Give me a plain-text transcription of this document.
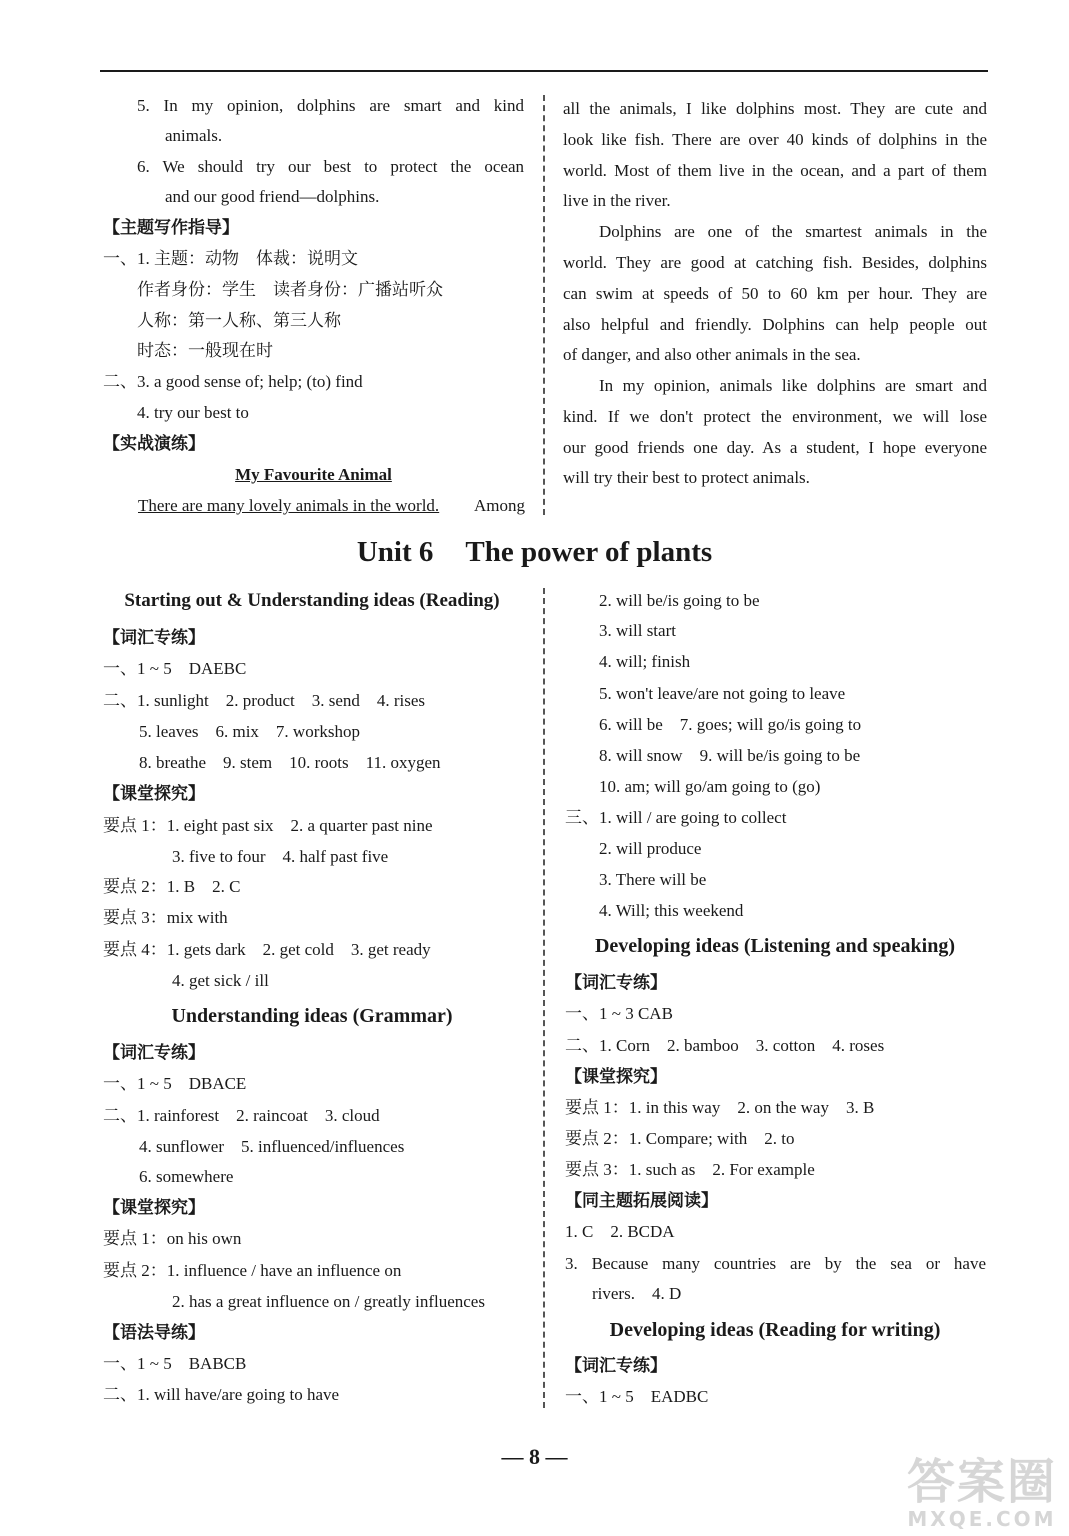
5. In my opinion, dolphins are smart and kind
animals.
6. We should try our best to protect the ocean
and our good friend—dolphins.
【主题写作指导】
一、1. 主题：动物　体裁：说明文
作者身份：学生　读者身份：广播站听众
人称：第一人称、第三人称
时态：一般现在时
二、3. a good sense of; help; (to) find
4. try our best to
【实战演练】
My Favourite Animal
There are many lovely animals in the world. Among
all the animals, I like dolphins most. They are cute and
look like fish. There are over 40 kinds of dolphins in the
world. Most of them live in the ocean, and a part of them
live in the river.
Dolphins are one of the smartest animals in the
world. They are good at catching fish. Besides, dolphins
can swim at speeds of 50 to 60 km per hour. They are
also helpful and friendly. Dolphins can help people out
of danger, and also other animals in the sea.
In my opinion, animals like dolphins are smart and
kind. If we don't protect the environment, we will lose
our good friends one day. As a student, I hope everyone
will try their best to protect animals.
Unit 6 The power of plants
Starting out & Understanding ideas (Reading)
【词汇专练】
一、1 ~ 5　DAEBC
二、1. sunlight　2. product　3. send　4. rises
5. leaves　6. mix　7. workshop
8. breathe　9. stem　10. roots　11. oxygen
【课堂探究】
要点 1：1. eight past six　2. a quarter past nine
3. five to four　4. half past five
要点 2：1. B　2. C
要点 3：mix with
要点 4：1. gets dark　2. get cold　3. get ready
4. get sick / ill
Understanding ideas (Grammar)
【词汇专练】
一、1 ~ 5　DBACE
二、1. rainforest　2. raincoat　3. cloud
4. sunflower　5. influenced/influences
6. somewhere
【课堂探究】
要点 1：on his own
要点 2：1. influence / have an influence on
2. has a great influence on / greatly influences
【语法导练】
一、1 ~ 5　BABCB
二、1. will have/are going to have
2. will be/is going to be
3. will start
4. will; finish
5. won't leave/are not going to leave
6. will be　7. goes; will go/is going to
8. will snow　9. will be/is going to be
10. am; will go/am going to (go)
三、1. will / are going to collect
2. will produce
3. There will be
4. Will; this weekend
Developing ideas (Listening and speaking)
【词汇专练】
一、1 ~ 3 CAB
二、1. Corn　2. bamboo　3. cotton　4. roses
【课堂探究】
要点 1：1. in this way　2. on the way　3. B
要点 2：1. Compare; with　2. to
要点 3：1. such as　2. For example
【同主题拓展阅读】
1. C　2. BCDA
3. Because many countries are by the sea or have
rivers.　4. D
Developing ideas (Reading for writing)
【词汇专练】
一、1 ~ 5　EADBC
— 8 —	答案圈
MXQE.COM
